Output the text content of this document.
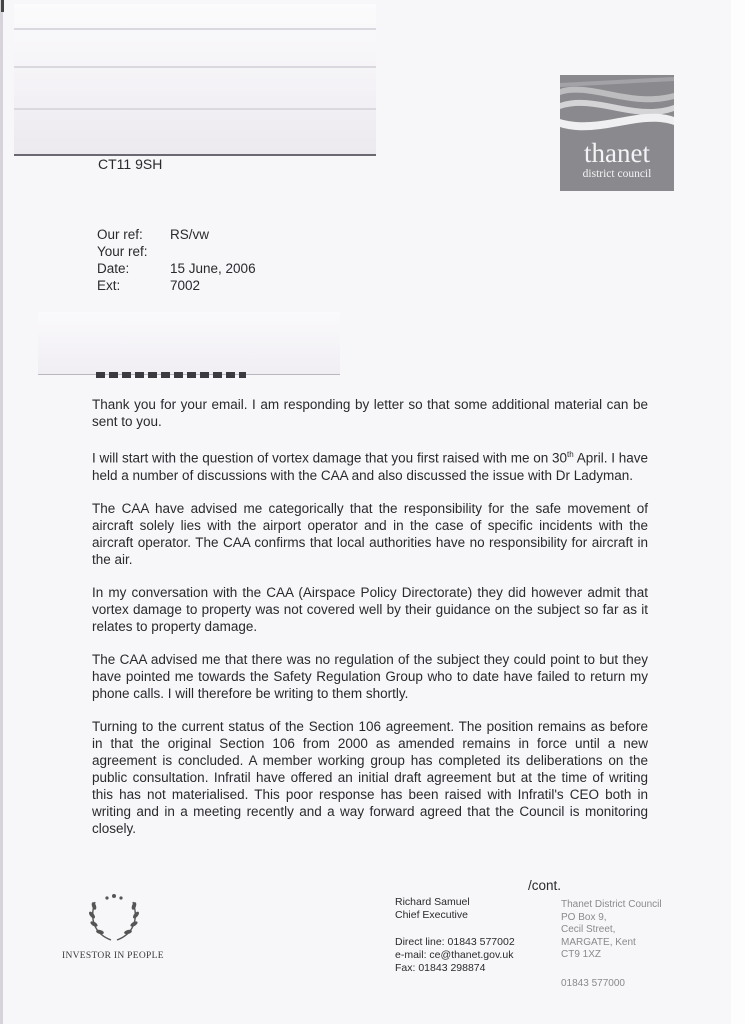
CT11 9SH	thanet
district council
Our ref:	RS/vw
Your ref:
Date:	15 June, 2006
Ext:	7002

Thank you for your email. I am responding by letter so that some additional material can be sent to you.

I will start with the question of vortex damage that you first raised with me on 30th April. I have held a number of discussions with the CAA and also discussed the issue with Dr Ladyman.

The CAA have advised me categorically that the responsibility for the safe movement of aircraft solely lies with the airport operator and in the case of specific incidents with the aircraft operator. The CAA confirms that local authorities have no responsibility for aircraft in the air.

In my conversation with the CAA (Airspace Policy Directorate) they did however admit that vortex damage to property was not covered well by their guidance on the subject so far as it relates to property damage.

The CAA advised me that there was no regulation of the subject they could point to but they have pointed me towards the Safety Regulation Group who to date have failed to return my phone calls. I will therefore be writing to them shortly.

Turning to the current status of the Section 106 agreement. The position remains as before in that the original Section 106 from 2000 as amended remains in force until a new agreement is concluded. A member working group has completed its deliberations on the public consultation. Infratil have offered an initial draft agreement but at the time of writing this has not materialised. This poor response has been raised with Infratil's CEO both in writing and in a meeting recently and a way forward agreed that the Council is monitoring closely.

/cont.
INVESTOR IN PEOPLE
Richard Samuel
Chief Executive
Direct line: 01843 577002
e-mail: ce@thanet.gov.uk
Fax: 01843 298874
Thanet District Council
PO Box 9,
Cecil Street,
MARGATE, Kent
CT9 1XZ
01843 577000
